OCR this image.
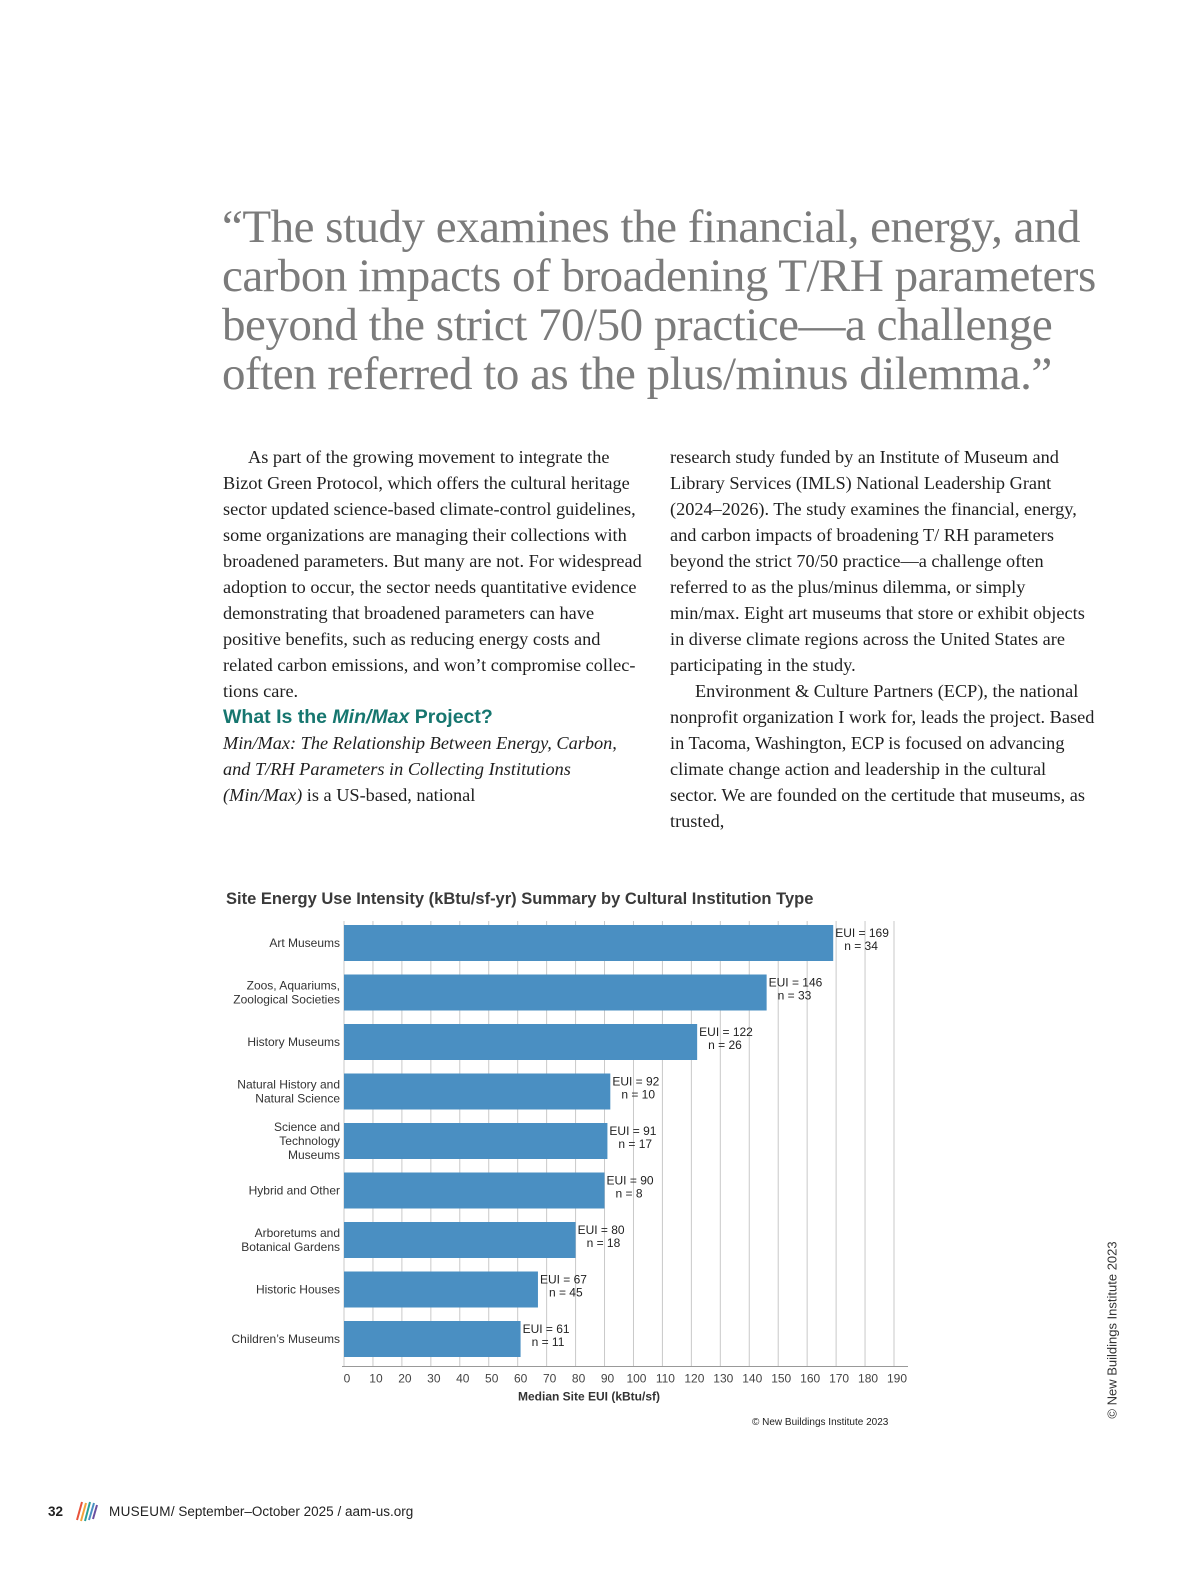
“The study examines the financial, energy, and
carbon impacts of broadening T/RH parameters
beyond the strict 70/50 practice—a challenge
often referred to as the plus/minus dilemma.”

As part of the growing movement to integrate the Bizot Green Protocol, which offers the cultural heritage sector updated science-based climate-control guidelines, some organizations are managing their collections with broadened parameters. But many are not. For widespread adoption to occur, the sector needs quantitative evidence demonstrating that broadened parameters can have positive benefits, such as reducing energy costs and related carbon emissions, and won’t compromise collections care.

What Is the Min/Max Project?

Min/Max: The Relationship Between Energy, Carbon, and T/RH Parameters in Collecting Institutions (Min/Max) is a US-based, national

research study funded by an Institute of Museum and Library Services (IMLS) National Leadership Grant (2024–2026). The study examines the financial, energy, and carbon impacts of broadening T/ RH parameters beyond the strict 70/50 practice—a challenge often referred to as the plus/minus dilemma, or simply min/max. Eight art museums that store or exhibit objects in diverse climate regions across the United States are participating in the study.

Environment & Culture Partners (ECP), the national nonprofit organization I work for, leads the project. Based in Tacoma, Washington, ECP is focused on advancing climate change action and leadership in the cultural sector. We are founded on the certitude that museums, as trusted,

Site Energy Use Intensity (kBtu/sf-yr) Summary by Cultural Institution Type
Art Museums
EUI = 169
n = 34
Zoos, Aquariums,
Zoological Societies
EUI = 146
n = 33
History Museums
EUI = 122
n = 26
Natural History and
Natural Science
EUI = 92
n = 10
Science and
Technology
Museums
EUI = 91
n = 17
Hybrid and Other
EUI = 90
n = 8
Arboretums and
Botanical Gardens
EUI = 80
n = 18
Historic Houses
EUI = 67
n = 45
Children’s Museums
EUI = 61
n = 11
0 10 20 30 40 50 60 70 80 90 100 110 120 130 140 150 160 170 180 190
Median Site EUI (kBtu/sf)
© New Buildings Institute 2023
© New Buildings Institute 2023
32	MUSEUM / September–October 2025 / aam-us.org
